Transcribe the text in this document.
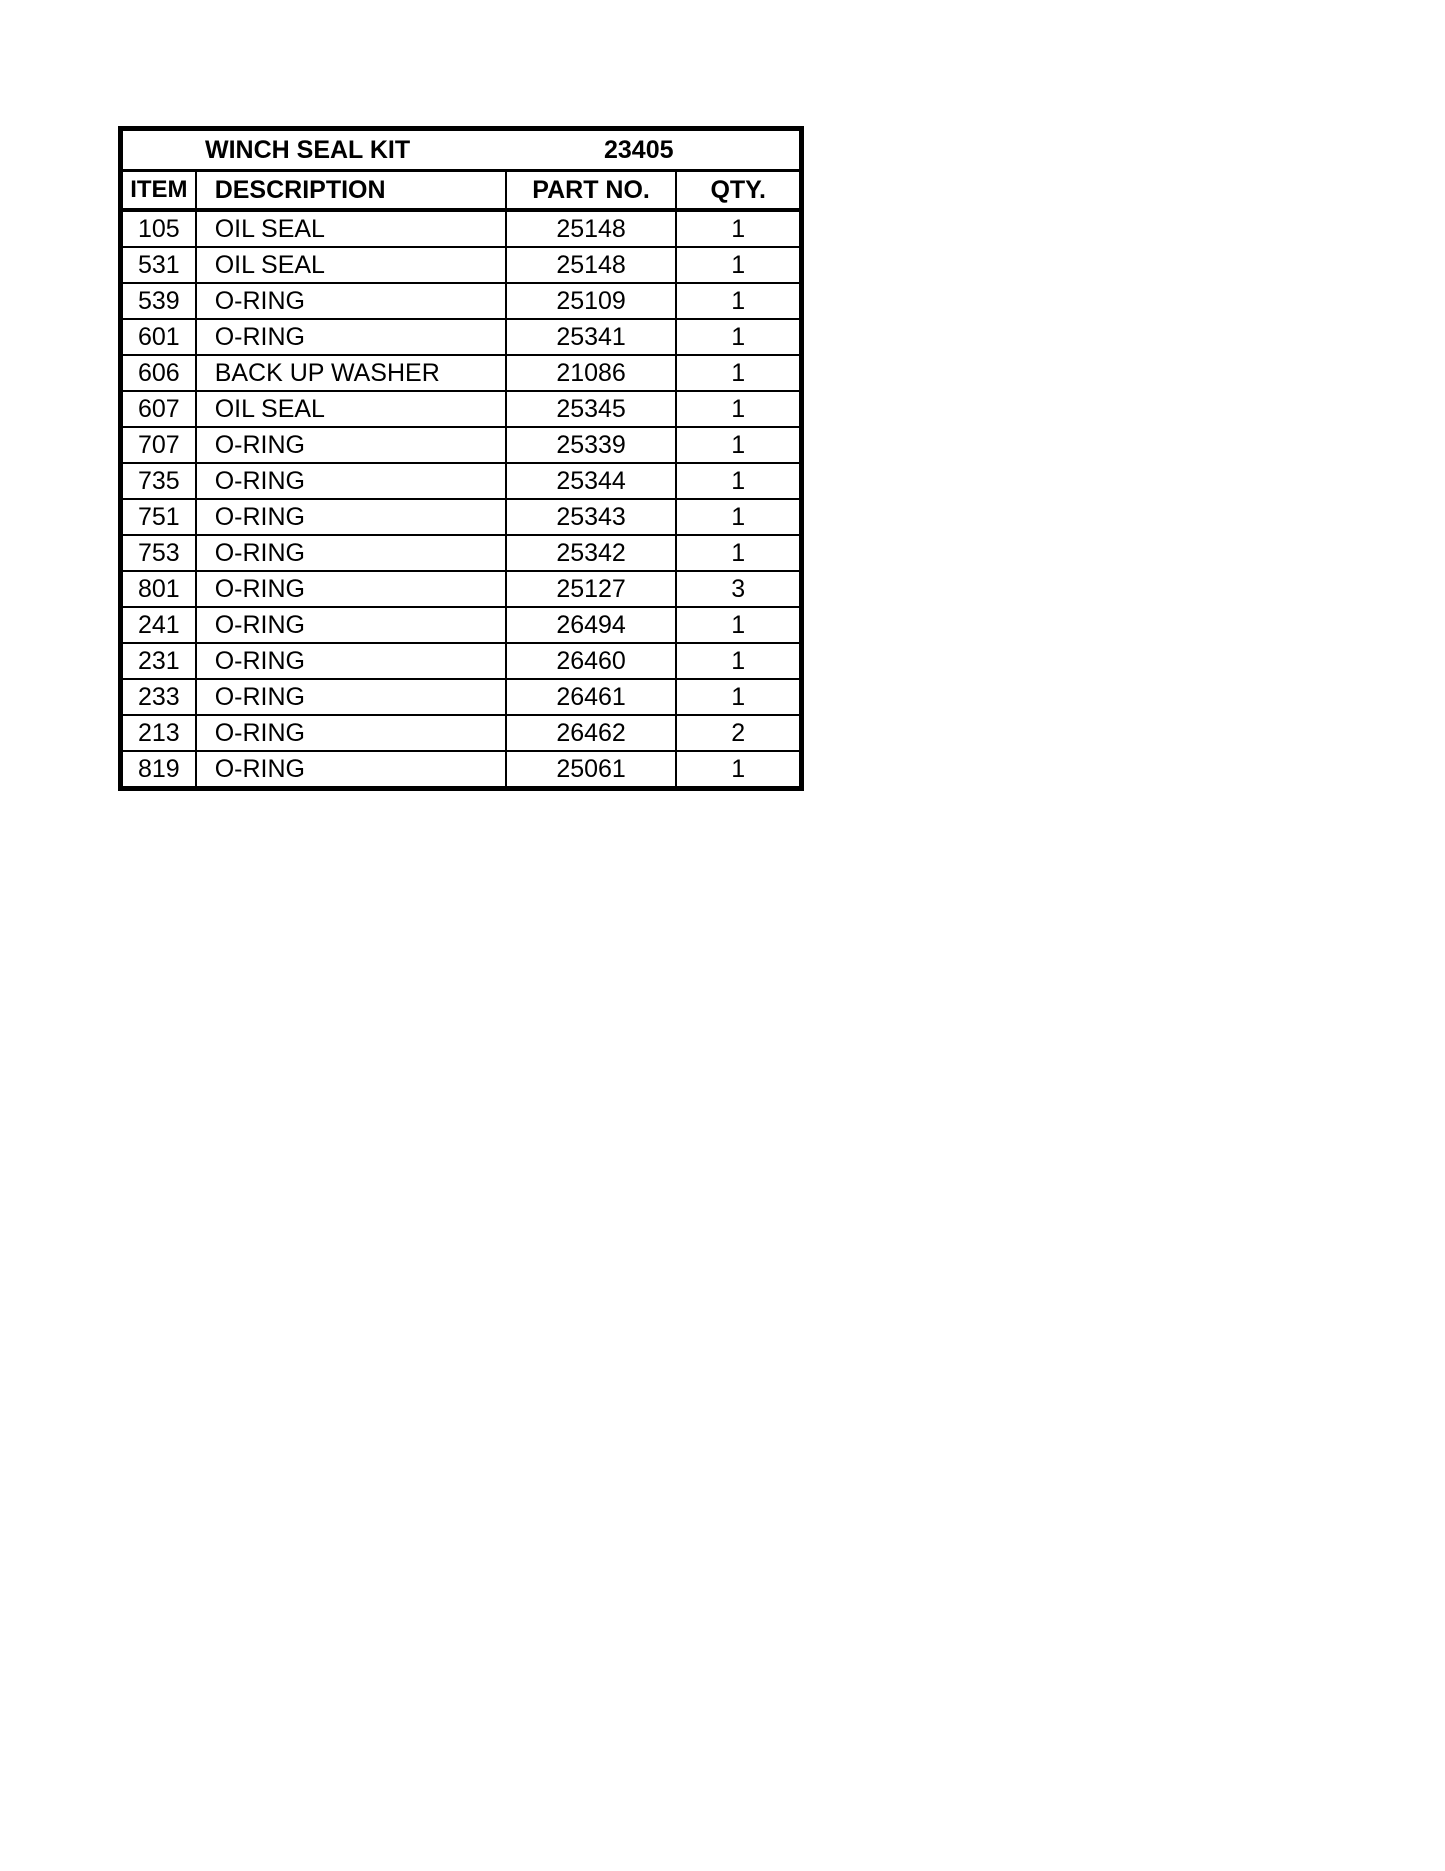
WINCH SEAL KIT 23405			

ITEM	DESCRIPTION	PART NO.	QTY.
105	OIL SEAL	25148	1
531	OIL SEAL	25148	1
539	O-RING	25109	1
601	O-RING	25341	1
606	BACK UP WASHER	21086	1
607	OIL SEAL	25345	1
707	O-RING	25339	1
735	O-RING	25344	1
751	O-RING	25343	1
753	O-RING	25342	1
801	O-RING	25127	3
241	O-RING	26494	1
231	O-RING	26460	1
233	O-RING	26461	1
213	O-RING	26462	2
819	O-RING	25061	1
